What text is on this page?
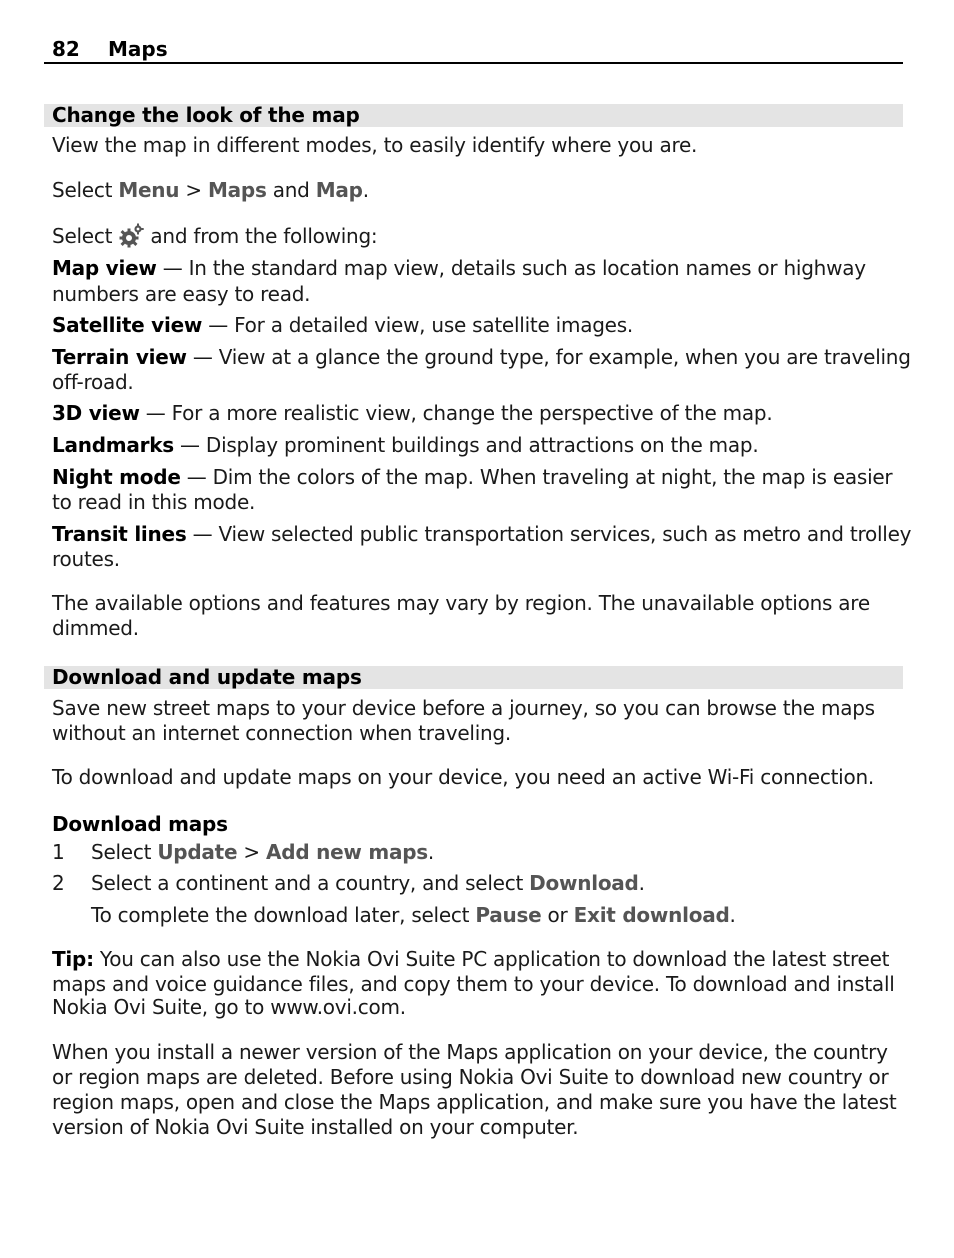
82 Maps
Change the look of the map
View the map in different modes, to easily identify where you are.
Select Menu > Maps and Map.
Select  and from the following:
Map view — In the standard map view, details such as location names or highway
numbers are easy to read.
Satellite view — For a detailed view, use satellite images.
Terrain view — View at a glance the ground type, for example, when you are traveling
off-road.
3D view — For a more realistic view, change the perspective of the map.
Landmarks — Display prominent buildings and attractions on the map.
Night mode — Dim the colors of the map. When traveling at night, the map is easier
to read in this mode.
Transit lines — View selected public transportation services, such as metro and trolley
routes.
The available options and features may vary by region. The unavailable options are
dimmed.
Download and update maps
Save new street maps to your device before a journey, so you can browse the maps
without an internet connection when traveling.
To download and update maps on your device, you need an active Wi-Fi connection.
Download maps
1 Select Update > Add new maps.
2 Select a continent and a country, and select Download.
To complete the download later, select Pause or Exit download.
Tip: You can also use the Nokia Ovi Suite PC application to download the latest street
maps and voice guidance files, and copy them to your device. To download and install
Nokia Ovi Suite, go to www.ovi.com.
When you install a newer version of the Maps application on your device, the country
or region maps are deleted. Before using Nokia Ovi Suite to download new country or
region maps, open and close the Maps application, and make sure you have the latest
version of Nokia Ovi Suite installed on your computer.
